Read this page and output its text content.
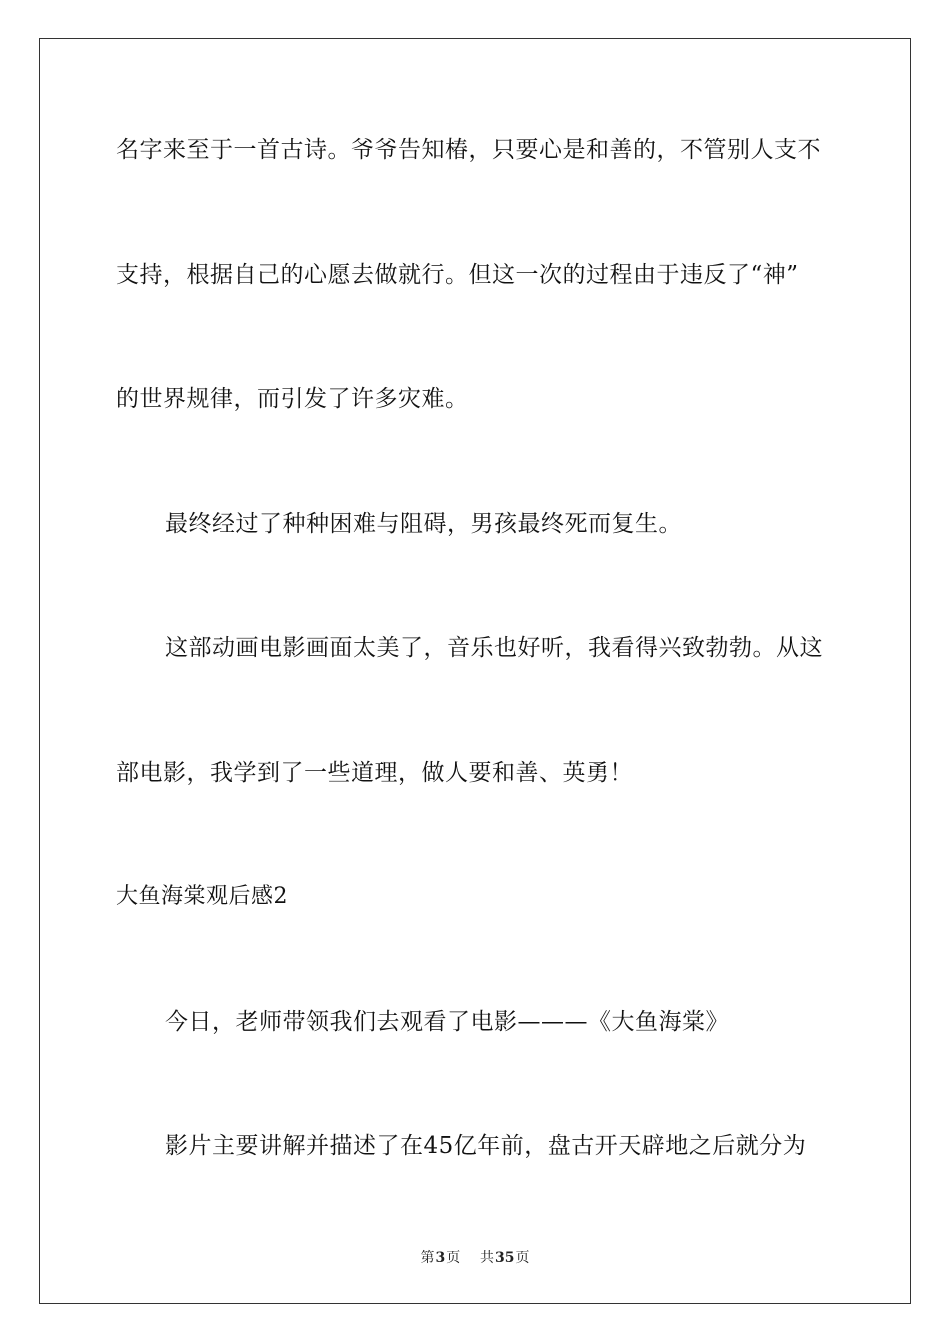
名字来至于一首古诗。爷爷告知椿，只要心是和善的，不管别人支不
支持，根据自己的心愿去做就行。但这一次的过程由于违反了“神”
的世界规律，而引发了许多灾难。
最终经过了种种困难与阻碍，男孩最终死而复生。
这部动画电影画面太美了，音乐也好听，我看得兴致勃勃。从这
部电影，我学到了一些道理，做人要和善、英勇！
大鱼海棠观后感2
今日，老师带领我们去观看了电影———《大鱼海棠》
影片主要讲解并描述了在45亿年前，盘古开天辟地之后就分为
第3页 共35页
